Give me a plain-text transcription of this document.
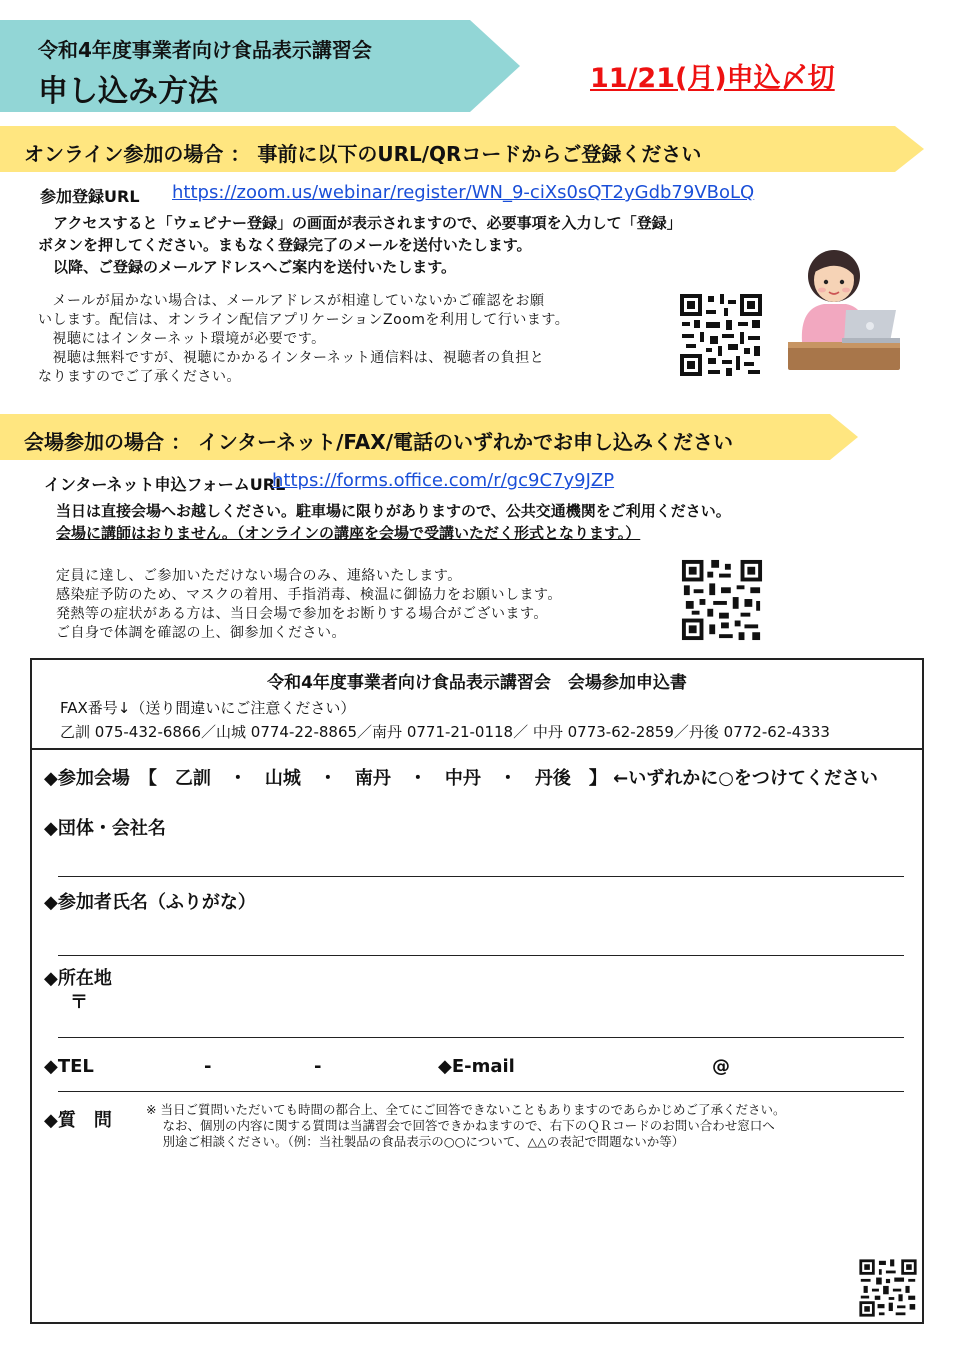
令和4年度事業者向け食品表示講習会
申し込み方法	11/21(月)申込〆切
オンライン参加の場合 ： 事前に以下のURL/QRコードからご登録ください
参加登録URL https://zoom.us/webinar/register/WN_9-ciXs0sQT2yGdb79VBoLQ
　アクセスすると「ウェビナー登録」の画面が表示されますので、必要事項を入力して「登録」
ボタンを押してください。まもなく登録完了のメールを送付いたします。
　以降、ご登録のメールアドレスへご案内を送付いたします。
　メールが届かない場合は、メールアドレスが相違していないかご確認をお願
いします。配信は、オンライン配信アプリケーションZoomを利用して行います。
　視聴にはインターネット環境が必要です。
　視聴は無料ですが、視聴にかかるインターネット通信料は、視聴者の負担と
なりますのでご了承ください。
会場参加の場合 ： インターネット/FAX/電話のいずれかでお申し込みください
インターネット申込フォームURL
https://forms.office.com/r/gc9C7y9JZP
当日は直接会場へお越しください。駐車場に限りがありますので、公共交通機関をご利用ください。
会場に講師はおりません。（オンラインの講座を会場で受講いただく形式となります。）
定員に達し、ご参加いただけない場合のみ、連絡いたします。
感染症予防のため、マスクの着用、手指消毒、検温に御協力をお願いします。
発熱等の症状がある方は、当日会場で参加をお断りする場合がございます。
ご自身で体調を確認の上、御参加ください。
令和4年度事業者向け食品表示講習会　会場参加申込書
FAX番号↓（送り間違いにご注意ください）
乙訓 075-432-6866／山城 0774-22-8865／南丹 0771-21-0118／ 中丹 0773-62-2859／丹後 0772-62-4333
◆参加会場　【　乙訓　・　山城　・　南丹　・　中丹　・　丹後　】 ←いずれかに○をつけてください
◆団体・会社名
◆参加者氏名（ふりがな）
◆所在地
〒
◆TEL	-	-	◆E-mail	@
◆質　問
※ 当日ご質問いただいても時間の都合上、全てにご回答できないこともありますのであらかじめご了承ください。
　 なお、個別の内容に関する質問は当講習会で回答できかねますので、右下のＱＲコードのお問い合わせ窓口へ
　 別途ご相談ください。（例：当社製品の食品表示の○○について、△△の表記で問題ないか等）
